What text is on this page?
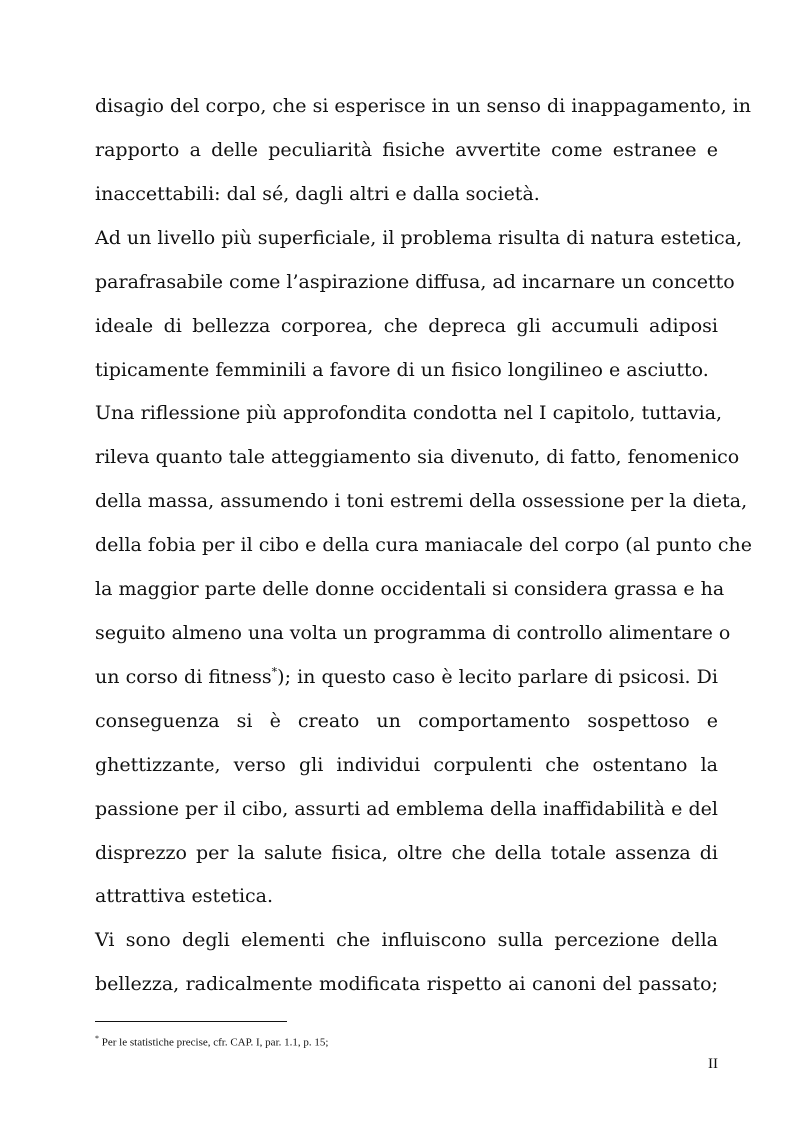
disagio del corpo, che si esperisce in un senso di inappagamento, in
rapporto a delle peculiarità fisiche avvertite come estranee e
inaccettabili: dal sé, dagli altri e dalla società.
Ad un livello più superficiale, il problema risulta di natura estetica,
parafrasabile come l’aspirazione diffusa, ad incarnare un concetto
ideale di bellezza corporea, che depreca gli accumuli adiposi
tipicamente femminili a favore di un fisico longilineo e asciutto.
Una riflessione più approfondita condotta nel I capitolo, tuttavia,
rileva quanto tale atteggiamento sia divenuto, di fatto, fenomenico
della massa, assumendo i toni estremi della ossessione per la dieta,
della fobia per il cibo e della cura maniacale del corpo (al punto che
la maggior parte delle donne occidentali si considera grassa e ha
seguito almeno una volta un programma di controllo alimentare o
un corso di fitness*); in questo caso è lecito parlare di psicosi. Di
conseguenza si è creato un comportamento sospettoso e
ghettizzante, verso gli individui corpulenti che ostentano la
passione per il cibo, assurti ad emblema della inaffidabilità e del
disprezzo per la salute fisica, oltre che della totale assenza di
attrattiva estetica.
Vi sono degli elementi che influiscono sulla percezione della
bellezza, radicalmente modificata rispetto ai canoni del passato;
* Per le statistiche precise, cfr. CAP. I, par. 1.1, p. 15;
II
